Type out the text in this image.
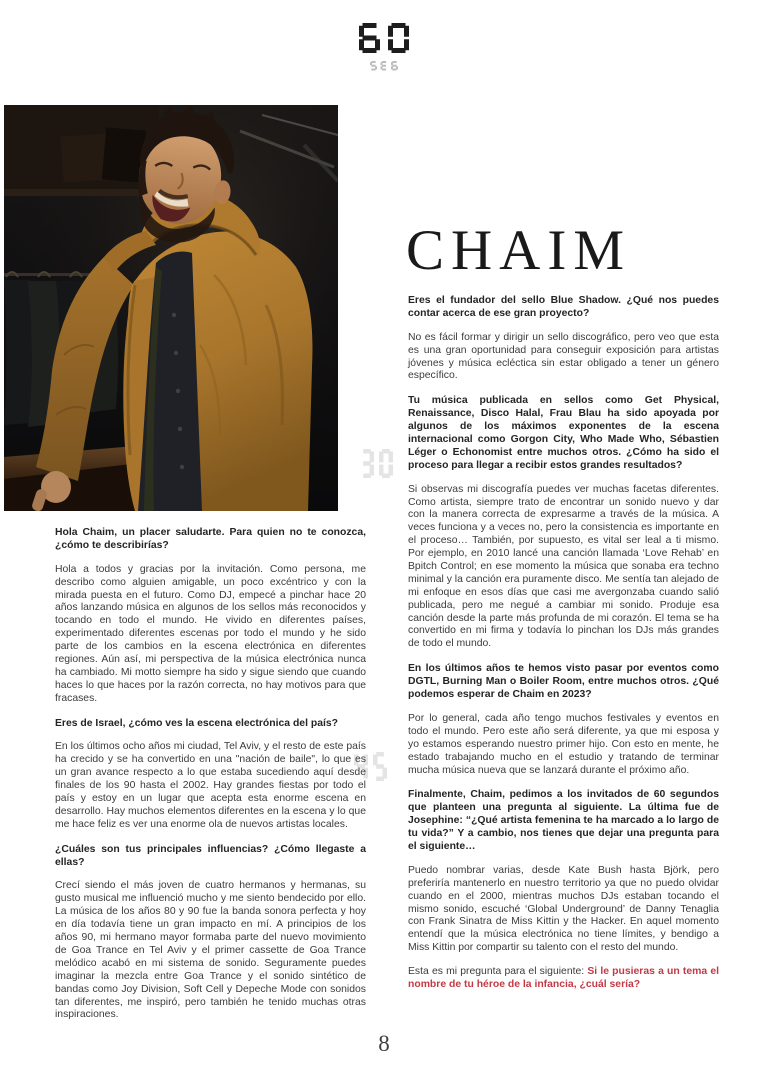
Hola Chaim, un placer saludarte. Para quien no te conozca, ¿cómo te describirías?

Hola a todos y gracias por la invitación. Como persona, me describo como alguien amigable, un poco excéntrico y con la mirada puesta en el futuro. Como DJ, empecé a pinchar hace 20 años lanzando música en algunos de los sellos más reconocidos y tocando en todo el mundo. He vivido en diferentes países, experimentado diferentes escenas por todo el mundo y he sido parte de los cambios en la escena electrónica en diferentes regiones. Aún así, mi perspectiva de la música electrónica nunca ha cambiado. Mi motto siempre ha sido y sigue siendo que cuando haces lo que haces por la razón correcta, no hay motivos para que fracases.

Eres de Israel, ¿cómo ves la escena electrónica del país?

En los últimos ocho años mi ciudad, Tel Aviv, y el resto de este país ha crecido y se ha convertido en una "nación de baile", lo que es un gran avance respecto a lo que estaba sucediendo aquí desde finales de los 90 hasta el 2002. Hay grandes fiestas por todo el país y estoy en un lugar que acepta esta enorme escena en desarrollo. Hay muchos elementos diferentes en la escena y lo que me hace feliz es ver una enorme ola de nuevos artistas locales.

¿Cuáles son tus principales influencias? ¿Cómo llegaste a ellas?

Crecí siendo el más joven de cuatro hermanos y hermanas, su gusto musical me influenció mucho y me siento bendecido por ello. La música de los años 80 y 90 fue la banda sonora perfecta y hoy en día todavía tiene un gran impacto en mí. A principios de los años 90, mi hermano mayor formaba parte del nuevo movimiento de Goa Trance en Tel Aviv y el primer cassette de Goa Trance melódico acabó en mi sistema de sonido. Seguramente puedes imaginar la mezcla entre Goa Trance y el sonido sintético de bandas como Joy Division, Soft Cell y Depeche Mode con sonidos tan diferentes, me inspiró, pero también he tenido muchas otras inspiraciones.

CHAIM

Eres el fundador del sello Blue Shadow. ¿Qué nos puedes contar acerca de ese gran proyecto?

No es fácil formar y dirigir un sello discográfico, pero veo que esta es una gran oportunidad para conseguir exposición para artistas jóvenes y música ecléctica sin estar obligado a tener un género específico.

Tu música publicada en sellos como Get Physical, Renaissance, Disco Halal, Frau Blau ha sido apoyada por algunos de los máximos exponentes de la escena internacional como Gorgon City, Who Made Who, Sébastien Léger o Echonomist entre muchos otros. ¿Cómo ha sido el proceso para llegar a recibir estos grandes resultados?

Si observas mi discografía puedes ver muchas facetas diferentes. Como artista, siempre trato de encontrar un sonido nuevo y dar con la manera correcta de expresarme a través de la música. A veces funciona y a veces no, pero la consistencia es importante en el proceso… También, por supuesto, es vital ser leal a ti mismo. Por ejemplo, en 2010 lancé una canción llamada ‘Love Rehab’ en Bpitch Control; en ese momento la música que sonaba era techno minimal y la canción era puramente disco. Me sentía tan alejado de mi enfoque en esos días que casi me avergonzaba cuando salió publicada, pero me negué a cambiar mi sonido. Produje esa canción desde la parte más profunda de mi corazón. El tema se ha convertido en mi firma y todavía lo pinchan los DJs más grandes de todo el mundo.

En los últimos años te hemos visto pasar por eventos como DGTL, Burning Man o Boiler Room, entre muchos otros. ¿Qué podemos esperar de Chaim en 2023?

Por lo general, cada año tengo muchos festivales y eventos en todo el mundo. Pero este año será diferente, ya que mi esposa y yo estamos esperando nuestro primer hijo. Con esto en mente, he estado trabajando mucho en el estudio y tratando de terminar mucha música nueva que se lanzará durante el próximo año.

Finalmente, Chaim, pedimos a los invitados de 60 segundos que planteen una pregunta al siguiente. La última fue de Josephine: “¿Qué artista femenina te ha marcado a lo largo de tu vida?” Y a cambio, nos tienes que dejar una pregunta para el siguiente…

Puedo nombrar varias, desde Kate Bush hasta Björk, pero preferiría mantenerlo en nuestro territorio ya que no puedo olvidar cuando en el 2000, mientras muchos DJs estaban tocando el mismo sonido, escuché ‘Global Underground’ de Danny Tenaglia con Frank Sinatra de Miss Kittin y the Hacker. En aquel momento entendí que la música electrónica no tiene límites, y bendigo a Miss Kittin por compartir su talento con el resto del mundo.

Esta es mi pregunta para el siguiente: Si le pusieras a un tema el nombre de tu héroe de la infancia, ¿cuál sería?

8
